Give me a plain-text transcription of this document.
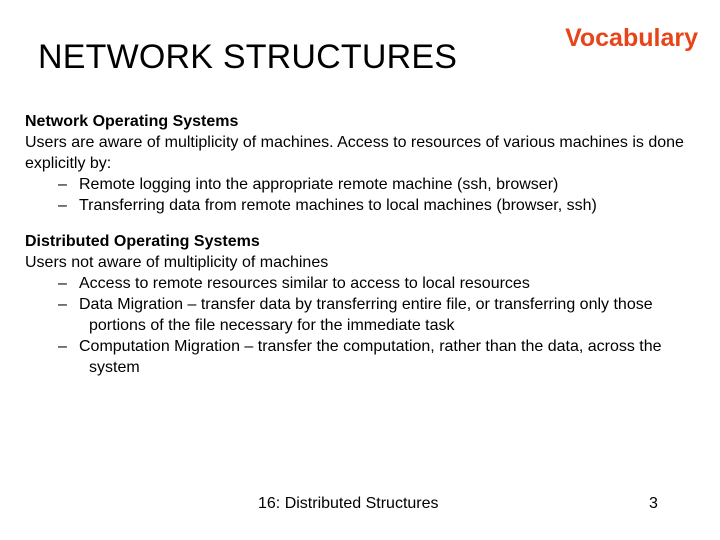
NETWORK STRUCTURES	Vocabulary
Network Operating Systems

Users are aware of multiplicity of machines. Access to resources of various machines is done explicitly by:

– Remote logging into the appropriate remote machine (ssh, browser)
– Transferring data from remote machines to local machines (browser, ssh)
Distributed Operating Systems

Users not aware of multiplicity of machines

– Access to remote resources similar to access to local resources
– Data Migration – transfer data by transferring entire file, or transferring only those portions of the file necessary for the immediate task
– Computation Migration – transfer the computation, rather than the data, across the system
16: Distributed Structures	3
